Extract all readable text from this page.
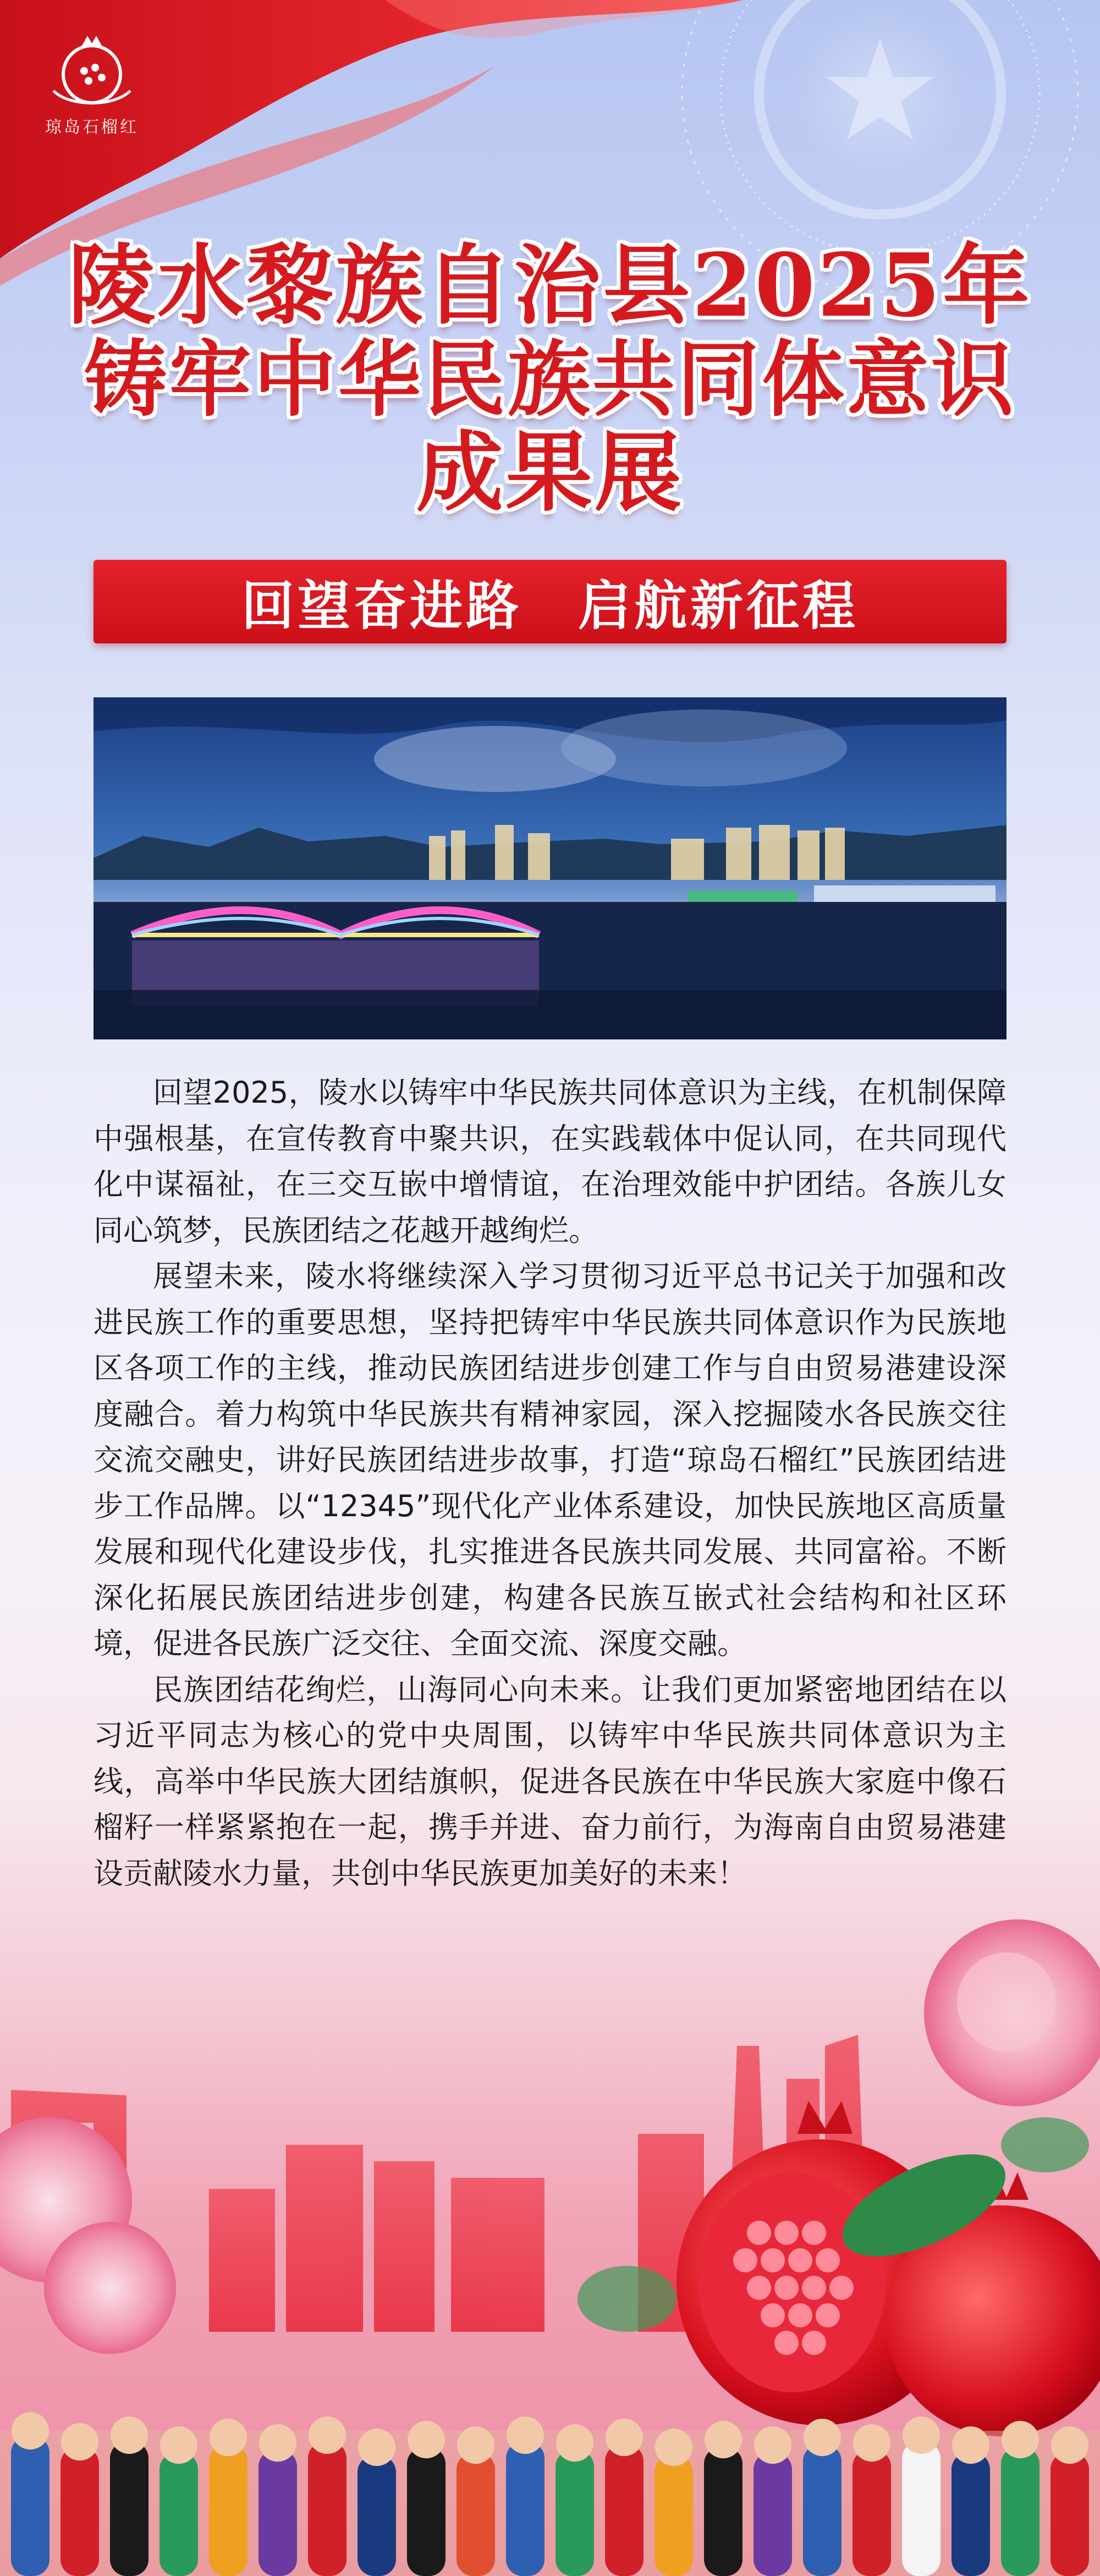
琼岛石榴红
陵水黎族自治县2025年
铸牢中华民族共同体意识
成果展
回望奋进路　启航新征程

回望2025，陵水以铸牢中华民族共同体意识为主线，在机制保障中强根基，在宣传教育中聚共识，在实践载体中促认同，在共同现代化中谋福祉，在三交互嵌中增情谊，在治理效能中护团结。各族儿女同心筑梦，民族团结之花越开越绚烂。

展望未来，陵水将继续深入学习贯彻习近平总书记关于加强和改进民族工作的重要思想，坚持把铸牢中华民族共同体意识作为民族地区各项工作的主线，推动民族团结进步创建工作与自由贸易港建设深度融合。着力构筑中华民族共有精神家园，深入挖掘陵水各民族交往交流交融史，讲好民族团结进步故事，打造“琼岛石榴红”民族团结进步工作品牌。以“12345”现代化产业体系建设，加快民族地区高质量发展和现代化建设步伐，扎实推进各民族共同发展、共同富裕。不断深化拓展民族团结进步创建，构建各民族互嵌式社会结构和社区环境，促进各民族广泛交往、全面交流、深度交融。

民族团结花绚烂，山海同心向未来。让我们更加紧密地团结在以习近平同志为核心的党中央周围，以铸牢中华民族共同体意识为主线，高举中华民族大团结旗帜，促进各民族在中华民族大家庭中像石榴籽一样紧紧抱在一起，携手并进、奋力前行，为海南自由贸易港建设贡献陵水力量，共创中华民族更加美好的未来！
